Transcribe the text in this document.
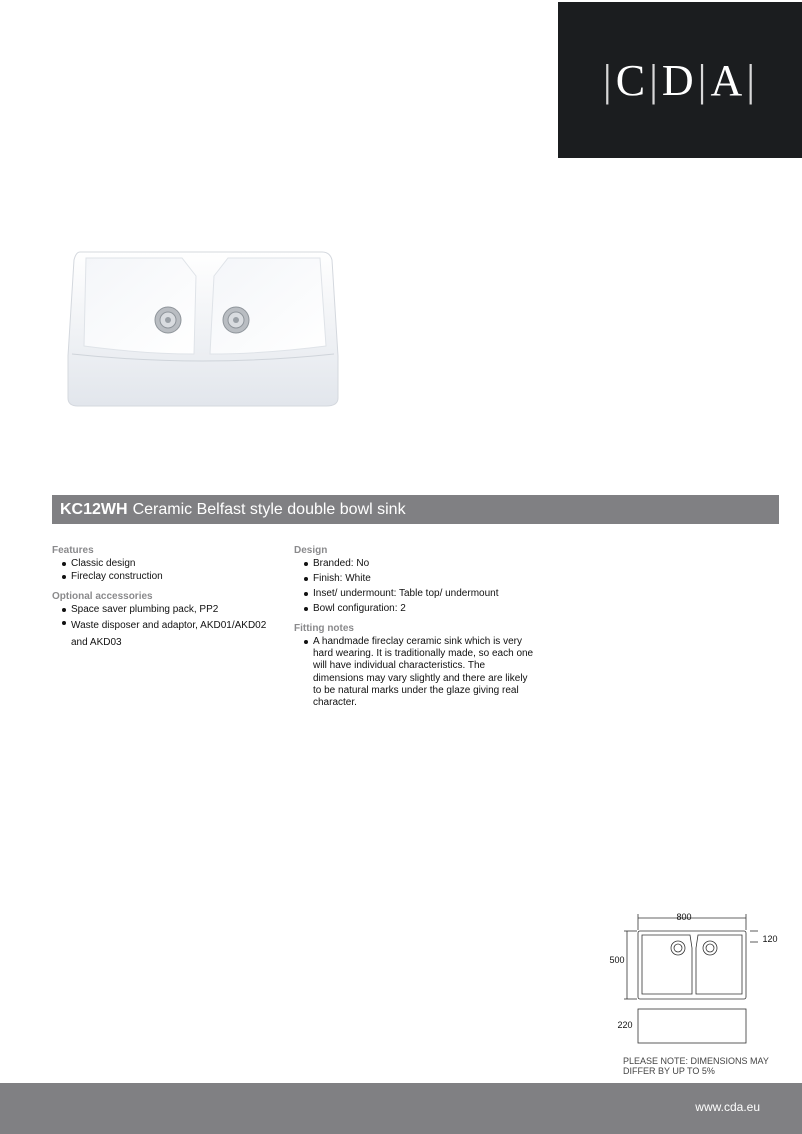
|C|D|A|
KC12WH Ceramic Belfast style double bowl sink
Features
Classic design
Fireclay construction
Optional accessories
Space saver plumbing pack, PP2
Waste disposer and adaptor, AKD01/AKD02 and AKD03
Design
Branded: No
Finish: White
Inset/ undermount: Table top/ undermount
Bowl configuration: 2
Fitting notes
A handmade fireclay ceramic sink which is very hard wearing. It is traditionally made, so each one will have individual characteristics. The dimensions may vary slightly and there are likely to be natural marks under the glaze giving real character.
800
500
120
220
PLEASE NOTE: DIMENSIONS MAY DIFFER BY UP TO 5%
www.cda.eu
